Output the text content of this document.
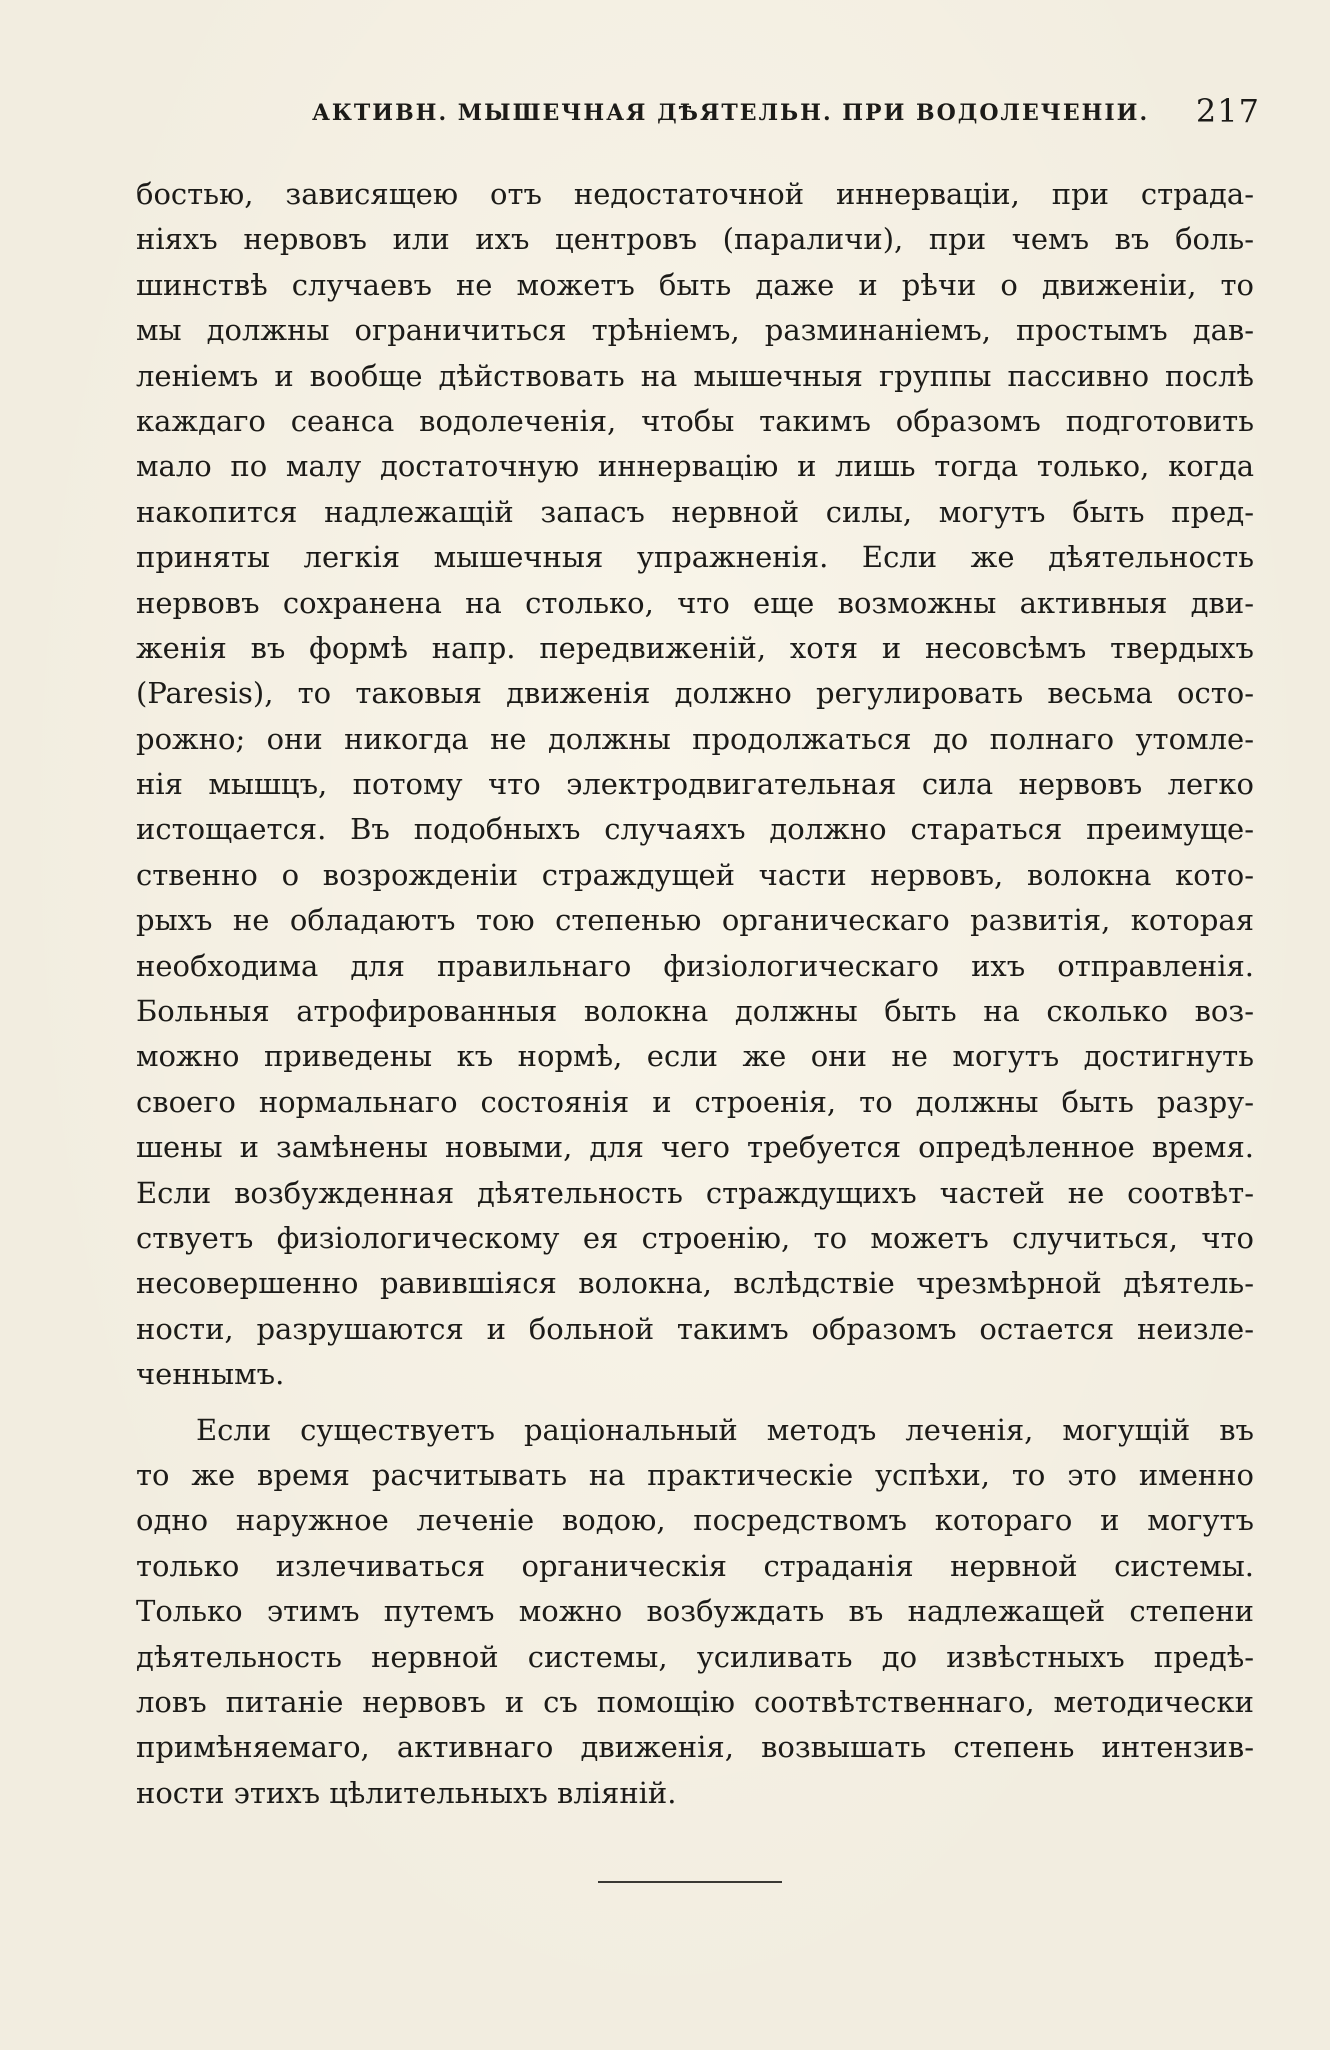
АКТИВН. МЫШЕЧНАЯ ДѢЯТЕЛЬН. ПРИ ВОДОЛЕЧЕНІИ. 217
бостью, зависящею отъ недостаточной иннерваціи, при страда-
ніяхъ нервовъ или ихъ центровъ (параличи), при чемъ въ боль-
шинствѣ случаевъ не можетъ быть даже и рѣчи о движеніи, то
мы должны ограничиться трѣніемъ, разминаніемъ, простымъ дав-
леніемъ и вообще дѣйствовать на мышечныя группы пассивно послѣ
каждаго сеанса водолеченія, чтобы такимъ образомъ подготовить
мало по малу достаточную иннервацію и лишь тогда только, когда
накопится надлежащій запасъ нервной силы, могутъ быть пред-
приняты легкія мышечныя упражненія. Если же дѣятельность
нервовъ сохранена на столько, что еще возможны активныя дви-
женія въ формѣ напр. передвиженій, хотя и несовсѣмъ твердыхъ
(Paresis), то таковыя движенія должно регулировать весьма осто-
рожно; они никогда не должны продолжаться до полнаго утомле-
нія мышцъ, потому что электродвигательная сила нервовъ легко
истощается. Въ подобныхъ случаяхъ должно стараться преимуще-
ственно о возрожденіи страждущей части нервовъ, волокна кото-
рыхъ не обладаютъ тою степенью органическаго развитія, которая
необходима для правильнаго физіологическаго ихъ отправленія.
Больныя атрофированныя волокна должны быть на сколько воз-
можно приведены къ нормѣ, если же они не могутъ достигнуть
своего нормальнаго состоянія и строенія, то должны быть разру-
шены и замѣнены новыми, для чего требуется опредѣленное время.
Если возбужденная дѣятельность страждущихъ частей не соотвѣт-
ствуетъ физіологическому ея строенію, то можетъ случиться, что
несовершенно равившіяся волокна, вслѣдствіе чрезмѣрной дѣятель-
ности, разрушаются и больной такимъ образомъ остается неизле-
ченнымъ.
Если существуетъ раціональный методъ леченія, могущій въ
то же время расчитывать на практическіе успѣхи, то это именно
одно наружное леченіе водою, посредствомъ котораго и могутъ
только излечиваться органическія страданія нервной системы.
Только этимъ путемъ можно возбуждать въ надлежащей степени
дѣятельность нервной системы, усиливать до извѣстныхъ предѣ-
ловъ питаніе нервовъ и съ помощію соотвѣтственнаго, методически
примѣняемаго, активнаго движенія, возвышать степень интензив-
ности этихъ цѣлительныхъ вліяній.
